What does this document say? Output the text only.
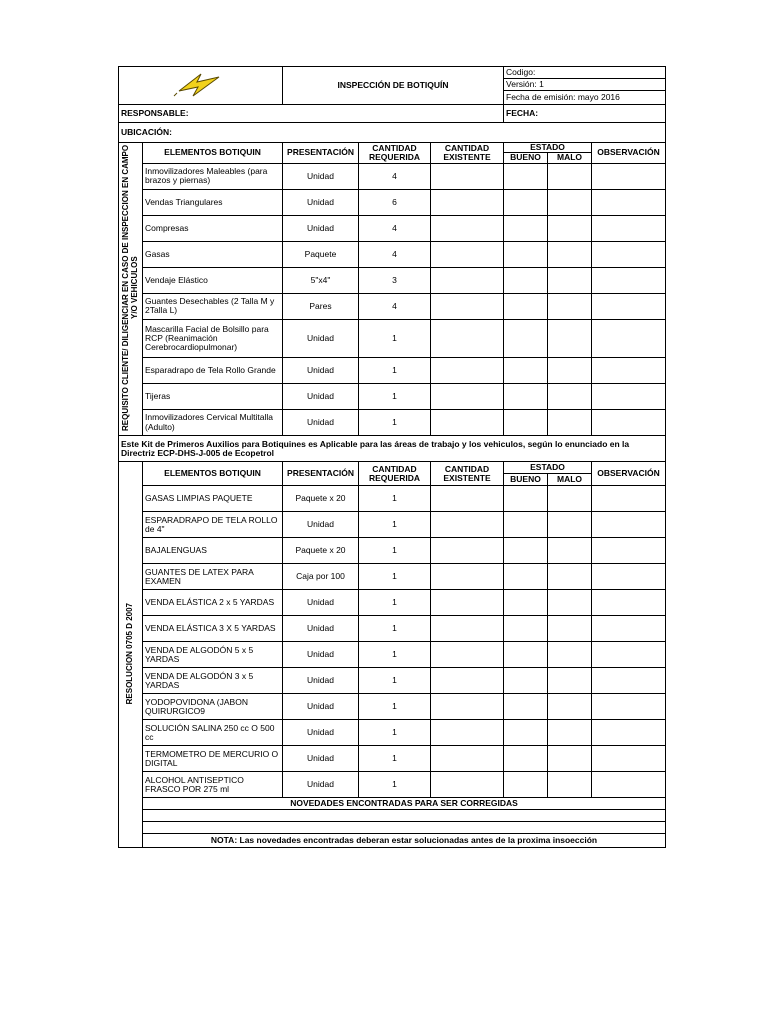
	INSPECCIÓN DE BOTIQUÍN			Codigo:		
					Versión: 1		
					Fecha de emisión: mayo 2016		
RESPONSABLE:					FECHA:		
UBICACIÓN:							
REQUISITO CLIENTE/ DILIGENCIAR EN CASO DE INSPECCION EN CAMPO Y/O VEHICULOS	ELEMENTOS BOTIQUIN	PRESENTACIÓN	CANTIDAD REQUERIDA	CANTIDAD EXISTENTE	ESTADO		OBSERVACIÓN
					BUENO	MALO	
	Inmovilizadores Maleables (para brazos y piernas)	Unidad	4				
	Vendas Triangulares	Unidad	6				
	Compresas	Unidad	4				
	Gasas	Paquete	4				
	Vendaje Elástico	5"x4"	3				
	Guantes Desechables (2 Talla M y 2Talla L)	Pares	4				
	Mascarilla Facial de Bolsillo para RCP (Reanimación Cerebrocardiopulmonar)	Unidad	1				
	Esparadrapo de Tela Rollo Grande	Unidad	1				
	Tijeras	Unidad	1				
	Inmovilizadores Cervical Multitalla (Adulto)	Unidad	1				
Este Kit de Primeros Auxilios para Botiquines es Aplicable para las áreas de trabajo y los vehiculos, según lo enunciado en la Directriz ECP-DHS-J-005 de Ecopetrol							
RESOLUCION 0705 D 2007	ELEMENTOS BOTIQUIN	PRESENTACIÓN	CANTIDAD REQUERIDA	CANTIDAD EXISTENTE	ESTADO		OBSERVACIÓN
					BUENO	MALO	
	GASAS LIMPIAS PAQUETE	Paquete x 20	1				
	ESPARADRAPO DE TELA ROLLO de 4"	Unidad	1				
	BAJALENGUAS	Paquete x 20	1				
	GUANTES DE LATEX PARA EXAMEN	Caja por 100	1				
	VENDA ELÁSTICA 2 x 5 YARDAS	Unidad	1				
	VENDA ELÁSTICA 3 X 5 YARDAS	Unidad	1				
	VENDA DE ALGODÓN 5 x 5 YARDAS	Unidad	1				
	VENDA DE ALGODÓN 3 x 5 YARDAS	Unidad	1				
	YODOPOVIDONA (JABON QUIRURGICO9	Unidad	1				
	SOLUCIÓN SALINA 250 cc O 500 cc	Unidad	1				
	TERMOMETRO DE MERCURIO O DIGITAL	Unidad	1				
	ALCOHOL ANTISEPTICO FRASCO POR 275 ml	Unidad	1				
	NOVEDADES ENCONTRADAS PARA SER CORREGIDAS						

	NOTA: Las novedades encontradas deberan estar solucionadas antes de la proxima insoección						
